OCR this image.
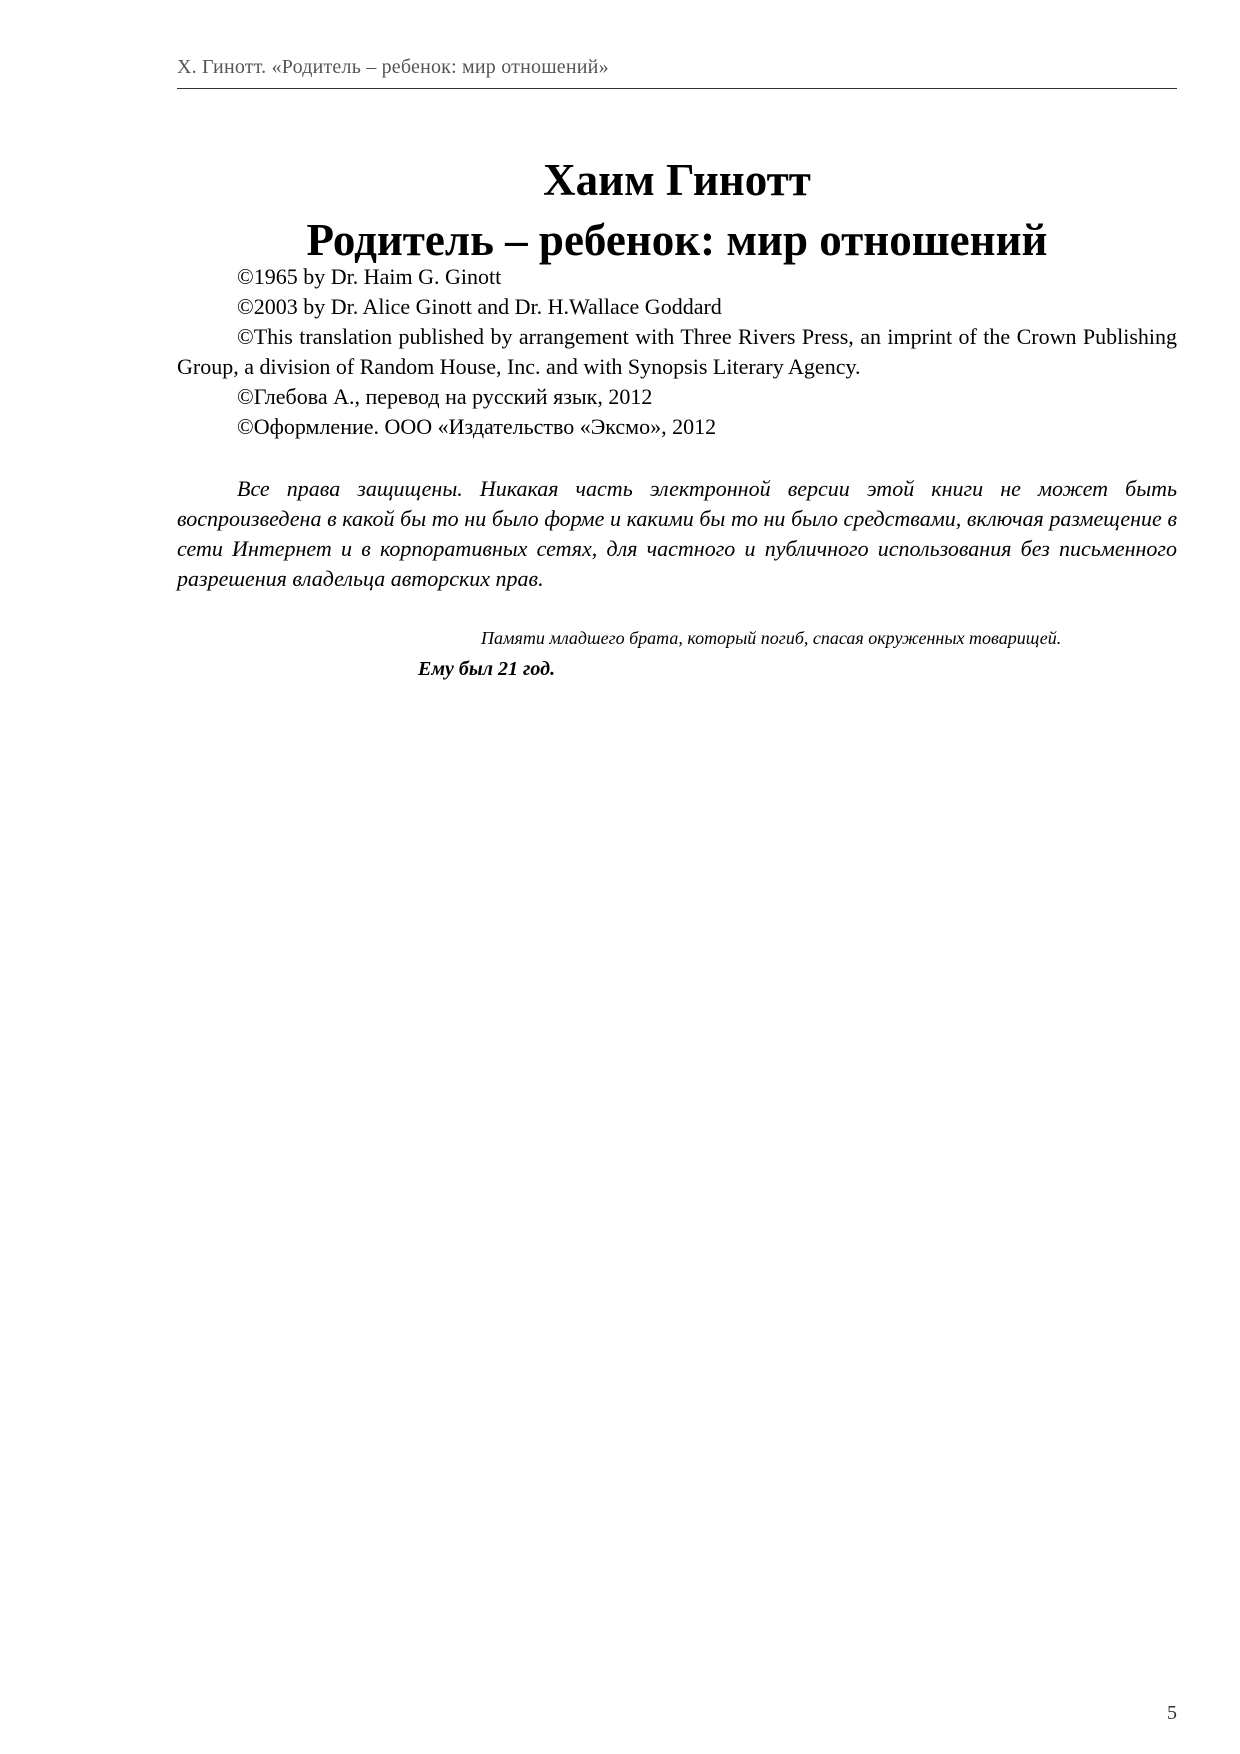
Х. Гинотт. «Родитель – ребенок: мир отношений»
Хаим Гинотт
Родитель – ребенок: мир отношений

©1965 by Dr. Haim G. Ginott

©2003 by Dr. Alice Ginott and Dr. H.Wallace Goddard

©This translation published by arrangement with Three Rivers Press, an imprint of the Crown Publishing Group, a division of Random House, Inc. and with Synopsis Literary Agency.

©Глебова А., перевод на русский язык, 2012

©Оформление. ООО «Издательство «Эксмо», 2012

Все права защищены. Никакая часть электронной версии этой книги не может быть воспроизведена в какой бы то ни было форме и какими бы то ни было средствами, включая размещение в сети Интернет и в корпоративных сетях, для частного и публичного использования без письменного разрешения владельца авторских прав.

Памяти младшего брата, который погиб, спасая окруженных товарищей.

Ему был 21 год.

5
